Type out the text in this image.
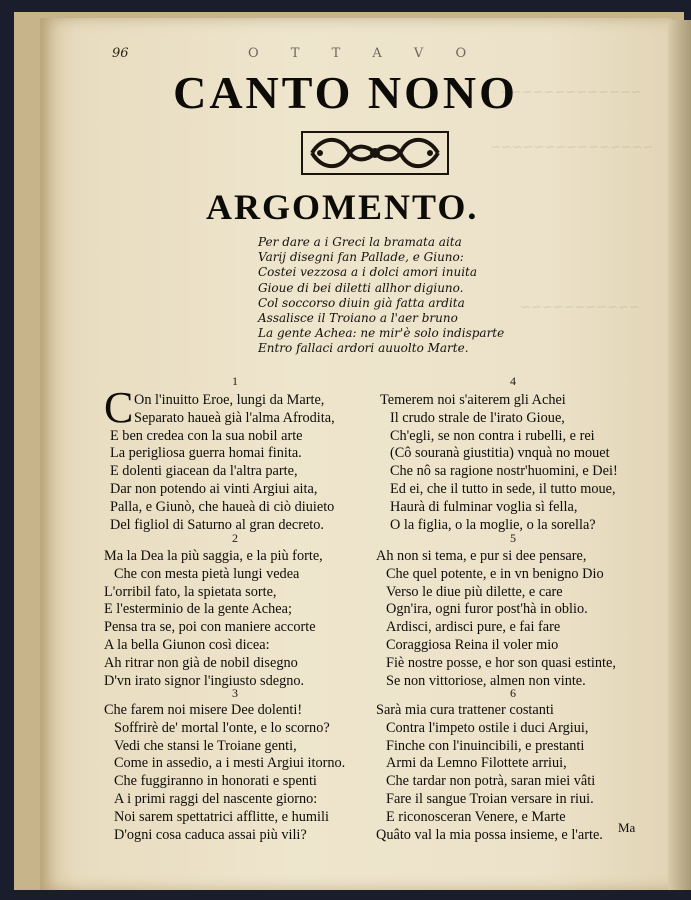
~~~~~~~~~~~~~
~~~~~~~~~~~~~~~
~~~~~~~~~~~
96	O T T A V O
CANTO NONO
ARGOMENTO.
Per dare a i Greci la bramata aita
Varij disegni fan Pallade, e Giuno:
Costei vezzosa a i dolci amori inuita
Gioue di bei diletti allhor digiuno.
Col soccorso diuin già fatta ardita
Assalisce il Troiano a l'aer bruno
La gente Achea: ne mir'è solo indisparte
Entro fallaci ardori auuolto Marte.
1
C On l'inuitto Eroe, lungi da Marte,
Separato haueà già l'alma Afrodita,
E ben credea con la sua nobil arte
La perigliosa guerra homai finita.
E dolenti giacean da l'altra parte,
Dar non potendo ai vinti Argiui aita,
Palla, e Giunò, che haueà di ciò diuieto
Del figliol di Saturno al gran decreto.
4
Temerem noi s'aiterem gli Achei
Il crudo strale de l'irato Gioue,
Ch'egli, se non contra i rubelli, e rei
(Cô souranà giustitia) vnquà no mouet
Che nô sa ragione nostr'huomini, e Dei!
Ed ei, che il tutto in sede, il tutto moue,
Haurà di fulminar voglia sì fella,
O la figlia, o la moglie, o la sorella?
2
Ma la Dea la più saggia, e la più forte,
Che con mesta pietà lungi vedea
L'orribil fato, la spietata sorte,
E l'esterminio de la gente Achea;
Pensa tra se, poi con maniere accorte
A la bella Giunon così dicea:
Ah ritrar non già de nobil disegno
D'vn irato signor l'ingiusto sdegno.
5
Ah non si tema, e pur si dee pensare,
Che quel potente, e in vn benigno Dio
Verso le diue più dilette, e care
Ogn'ira, ogni furor post'hà in oblio.
Ardisci, ardisci pure, e fai fare
Coraggiosa Reina il voler mio
Fiè nostre posse, e hor son quasi estinte,
Se non vittoriose, almen non vinte.
3
Che farem noi misere Dee dolenti!
Soffrirè de' mortal l'onte, e lo scorno?
Vedi che stansi le Troiane genti,
Come in assedio, a i mesti Argiui itorno.
Che fuggiranno in honorati e spenti
A i primi raggi del nascente giorno:
Noi sarem spettatrici afflitte, e humili
D'ogni cosa caduca assai più vili?
6
Sarà mia cura trattener costanti
Contra l'impeto ostile i duci Argiui,
Finche con l'inuincibili, e prestanti
Armi da Lemno Filottete arriui,
Che tardar non potrà, saran miei vâti
Fare il sangue Troian versare in riui.
E riconosceran Venere, e Marte
Quâto val la mia possa insieme, e l'arte.	Ma
